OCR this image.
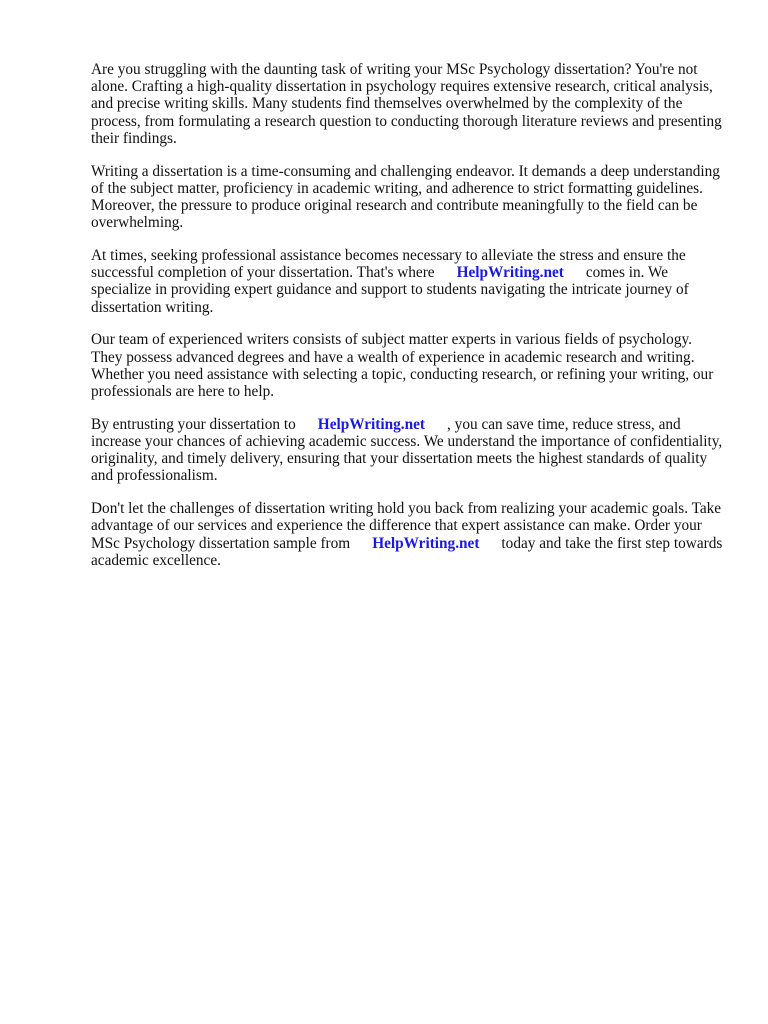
Are you struggling with the daunting task of writing your MSc Psychology dissertation? You're not alone. Crafting a high-quality dissertation in psychology requires extensive research, critical analysis, and precise writing skills. Many students find themselves overwhelmed by the complexity of the process, from formulating a research question to conducting thorough literature reviews and presenting their findings.

Writing a dissertation is a time-consuming and challenging endeavor. It demands a deep understanding of the subject matter, proficiency in academic writing, and adherence to strict formatting guidelines. Moreover, the pressure to produce original research and contribute meaningfully to the field can be overwhelming.

At times, seeking professional assistance becomes necessary to alleviate the stress and ensure the successful completion of your dissertation. That's where HelpWriting.net comes in. We specialize in providing expert guidance and support to students navigating the intricate journey of dissertation writing.

Our team of experienced writers consists of subject matter experts in various fields of psychology. They possess advanced degrees and have a wealth of experience in academic research and writing. Whether you need assistance with selecting a topic, conducting research, or refining your writing, our professionals are here to help.

By entrusting your dissertation to HelpWriting.net , you can save time, reduce stress, and increase your chances of achieving academic success. We understand the importance of confidentiality, originality, and timely delivery, ensuring that your dissertation meets the highest standards of quality and professionalism.

Don't let the challenges of dissertation writing hold you back from realizing your academic goals. Take advantage of our services and experience the difference that expert assistance can make. Order your MSc Psychology dissertation sample from HelpWriting.net today and take the first step towards academic excellence.
